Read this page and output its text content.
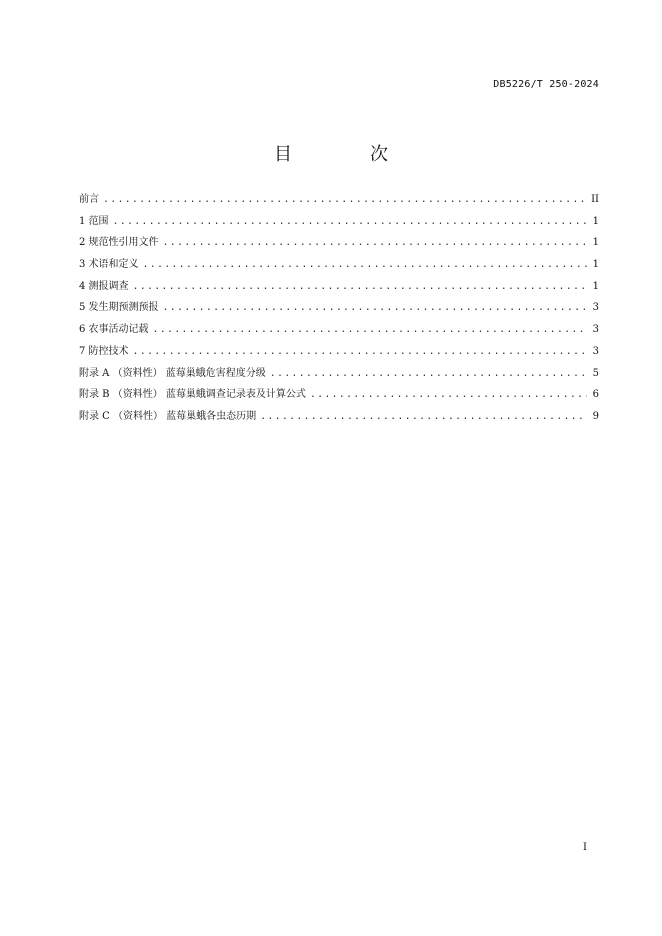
DB5226/T 250-2024
目　次
前言 .....	II
1 范围 .....	1
2 规范性引用文件 .....	1
3 术语和定义 .....	1
4 测报调查 .....	1
5 发生期预测预报 .....	3
6 农事活动记载 .....	3
7 防控技术 .....	3
附录 A （资料性） 蓝莓巢蛾危害程度分级 .....	5
附录 B （资料性） 蓝莓巢蛾调查记录表及计算公式 .....	6
附录 C （资料性） 蓝莓巢蛾各虫态历期 .....	9
I
